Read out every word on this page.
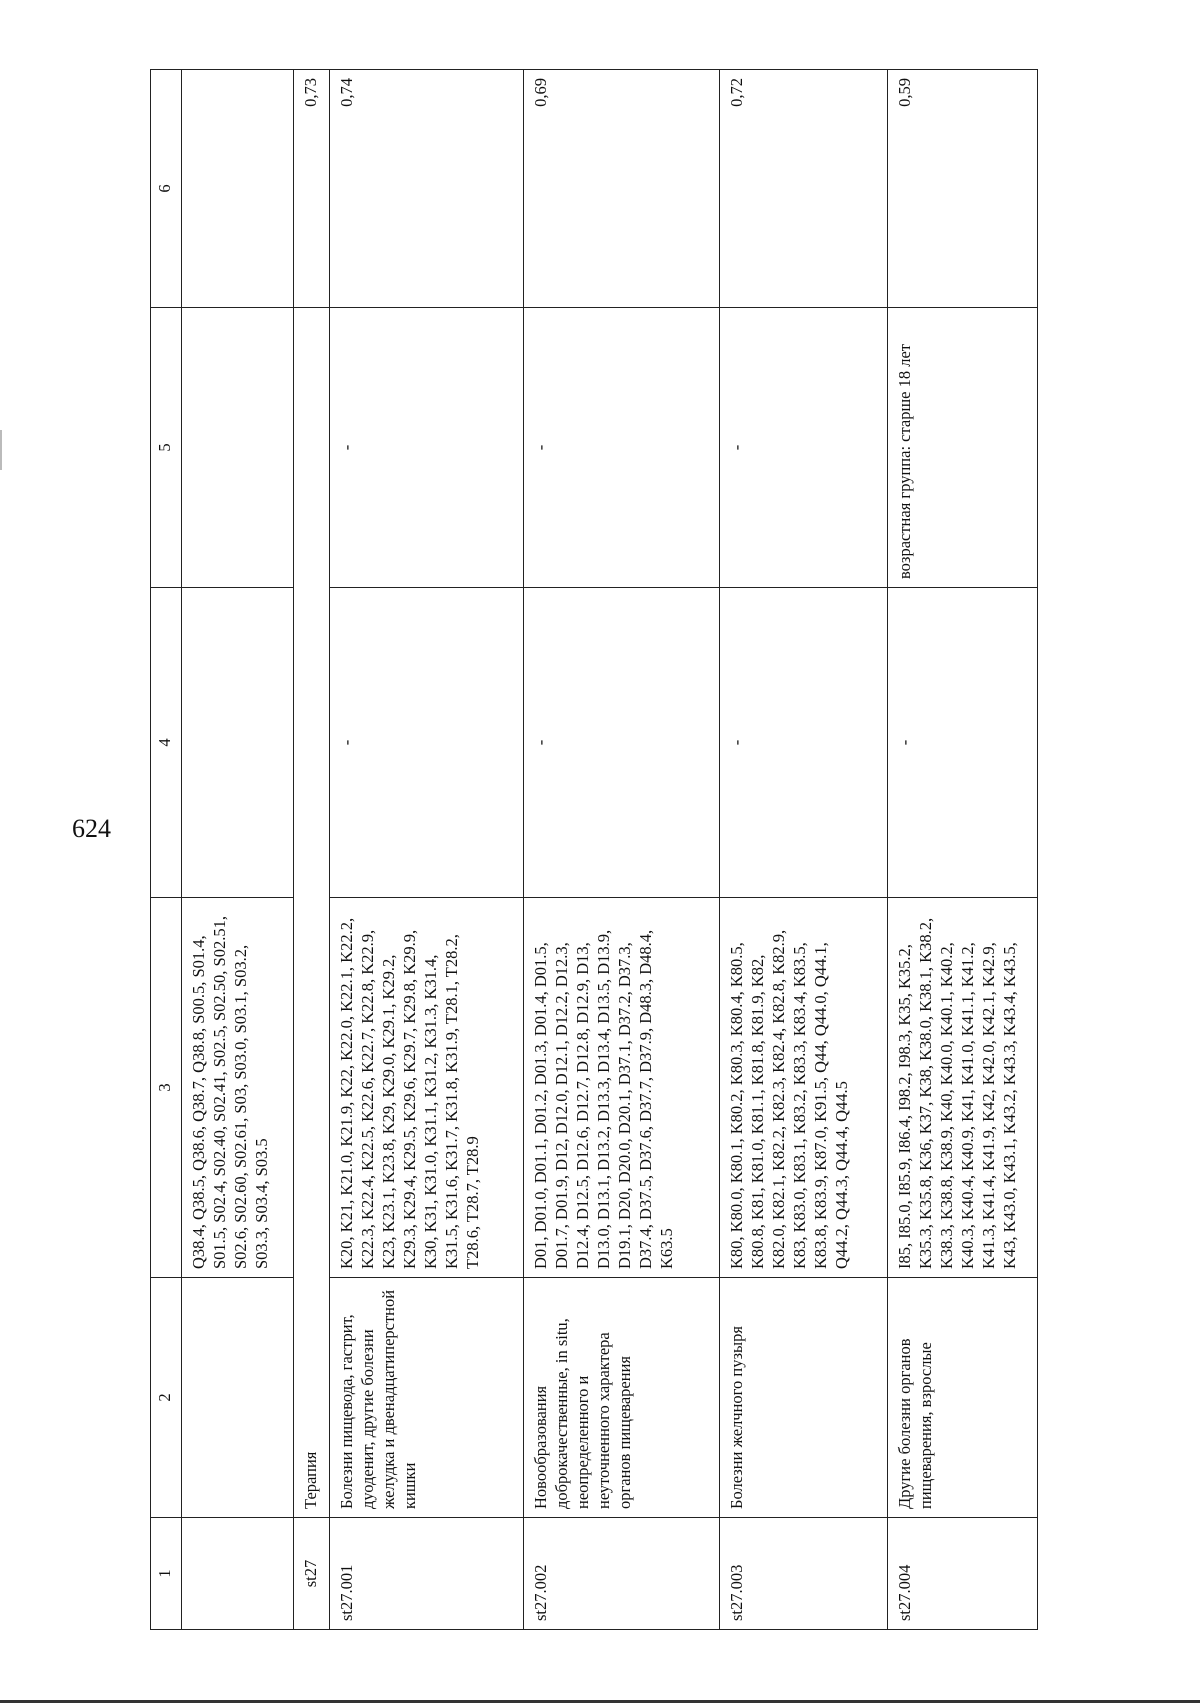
624
1	2	3	4	5	6
		Q38.4, Q38.5, Q38.6, Q38.7, Q38.8, S00.5, S01.4, S01.5, S02.4, S02.40, S02.41, S02.5, S02.50, S02.51, S02.6, S02.60, S02.61, S03, S03.0, S03.1, S03.2, S03.3, S03.4, S03.5			
st27	Терапия				0,73
st27.001	Болезни пищевода, гастрит, дуоденит, другие болезни желудка и двенадцатиперстной кишки	K20, K21, K21.0, K21.9, K22, K22.0, K22.1, K22.2, K22.3, K22.4, K22.5, K22.6, K22.7, K22.8, K22.9, K23, K23.1, K23.8, K29, K29.0, K29.1, K29.2, K29.3, K29.4, K29.5, K29.6, K29.7, K29.8, K29.9, K30, K31, K31.0, K31.1, K31.2, K31.3, K31.4, K31.5, K31.6, K31.7, K31.8, K31.9, T28.1, T28.2, T28.6, T28.7, T28.9	-	-	0,74
st27.002	Новообразования доброкачественные, in situ, неопределенного и неуточненного характера органов пищеварения	D01, D01.0, D01.1, D01.2, D01.3, D01.4, D01.5, D01.7, D01.9, D12, D12.0, D12.1, D12.2, D12.3, D12.4, D12.5, D12.6, D12.7, D12.8, D12.9, D13, D13.0, D13.1, D13.2, D13.3, D13.4, D13.5, D13.9, D19.1, D20, D20.0, D20.1, D37.1, D37.2, D37.3, D37.4, D37.5, D37.6, D37.7, D37.9, D48.3, D48.4, K63.5	-	-	0,69
st27.003	Болезни желчного пузыря	K80, K80.0, K80.1, K80.2, K80.3, K80.4, K80.5, K80.8, K81, K81.0, K81.1, K81.8, K81.9, K82, K82.0, K82.1, K82.2, K82.3, K82.4, K82.8, K82.9, K83, K83.0, K83.1, K83.2, K83.3, K83.4, K83.5, K83.8, K83.9, K87.0, K91.5, Q44, Q44.0, Q44.1, Q44.2, Q44.3, Q44.4, Q44.5	-	-	0,72
st27.004	Другие болезни органов пищеварения, взрослые	I85, I85.0, I85.9, I86.4, I98.2, I98.3, K35, K35.2, K35.3, K35.8, K36, K37, K38, K38.0, K38.1, K38.2, K38.3, K38.8, K38.9, K40, K40.0, K40.1, K40.2, K40.3, K40.4, K40.9, K41, K41.0, K41.1, K41.2, K41.3, K41.4, K41.9, K42, K42.0, K42.1, K42.9, K43, K43.0, K43.1, K43.2, K43.3, K43.4, K43.5,	-	возрастная группа: старше 18 лет	0,59
